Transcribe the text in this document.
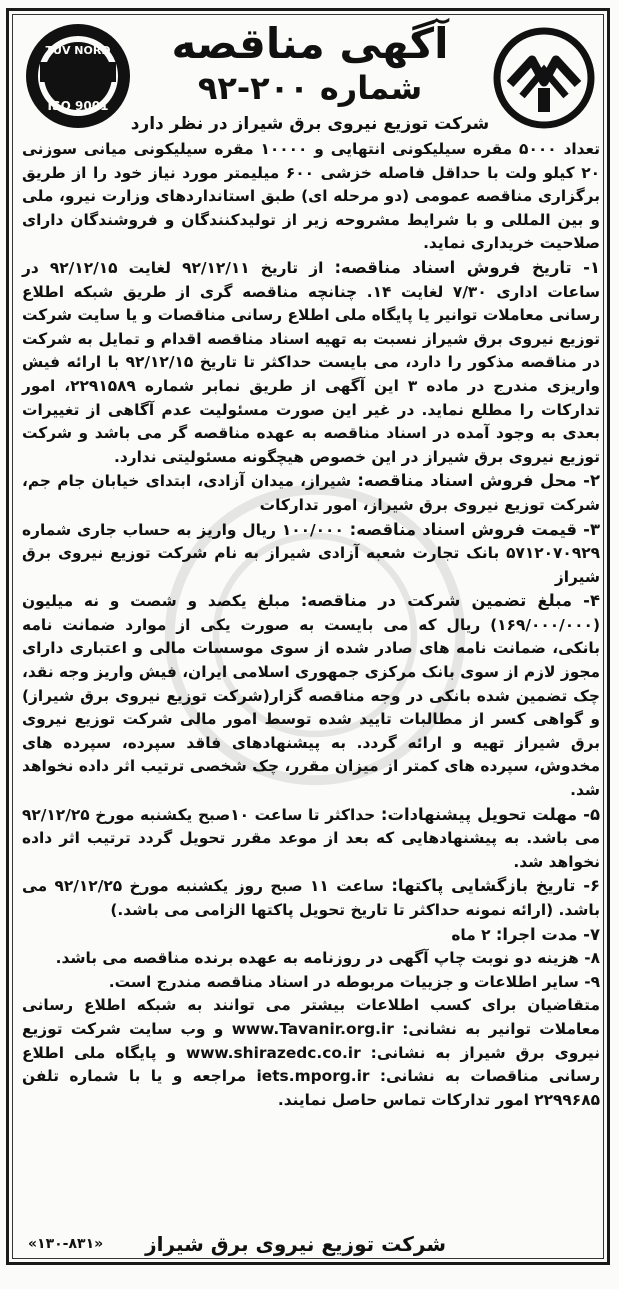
TUV NORD
ISO 9001
آگهی مناقصه
شماره ۲۰۰-۹۲
شرکت توزیع نیروی برق شیراز در نظر دارد

تعداد ۵۰۰۰ مقره سیلیکونی انتهایی و ۱۰۰۰۰ مقره سیلیکونی میانی سوزنی ۲۰ کیلو ولت با حداقل فاصله خزشی ۶۰۰ میلیمتر مورد نیاز خود را از طریق برگزاری مناقصه عمومی (دو مرحله ای) طبق استانداردهای وزارت نیرو، ملی و بین المللی و با شرایط مشروحه زیر از تولیدکنندگان و فروشندگان دارای صلاحیت خریداری نماید.

۱- تاریخ فروش اسناد مناقصه: از تاریخ ۹۲/۱۲/۱۱ لغایت ۹۲/۱۲/۱۵ در ساعات اداری ۷/۳۰ لغایت ۱۴. چنانچه مناقصه گری از طریق شبکه اطلاع رسانی معاملات توانیر یا پایگاه ملی اطلاع رسانی مناقصات و یا سایت شرکت توزیع نیروی برق شیراز نسبت به تهیه اسناد مناقصه اقدام و تمایل به شرکت در مناقصه مذکور را دارد، می بایست حداکثر تا تاریخ ۹۲/۱۲/۱۵ با ارائه فیش واریزی مندرج در ماده ۳ این آگهی از طریق نمابر شماره ۲۲۹۱۵۸۹، امور تدارکات را مطلع نماید. در غیر این صورت مسئولیت عدم آگاهی از تغییرات بعدی به وجود آمده در اسناد مناقصه به عهده مناقصه گر می باشد و شرکت توزیع نیروی برق شیراز در این خصوص هیچگونه مسئولیتی ندارد.

۲- محل فروش اسناد مناقصه: شیراز، میدان آزادی، ابتدای خیابان جام جم، شرکت توزیع نیروی برق شیراز، امور تدارکات

۳- قیمت فروش اسناد مناقصه: ۱۰۰/۰۰۰ ریال واریز به حساب جاری شماره ۵۷۱۲۰۷۰۹۲۹ بانک تجارت شعبه آزادی شیراز به نام شرکت توزیع نیروی برق شیراز

۴- مبلغ تضمین شرکت در مناقصه: مبلغ یکصد و شصت و نه میلیون (۱۶۹/۰۰۰/۰۰۰) ریال که می بایست به صورت یکی از موارد ضمانت نامه بانکی، ضمانت نامه های صادر شده از سوی موسسات مالی و اعتباری دارای مجوز لازم از سوی بانک مرکزی جمهوری اسلامی ایران، فیش واریز وجه نقد، چک تضمین شده بانکی در وجه مناقصه گزار(شرکت توزیع نیروی برق شیراز) و گواهی کسر از مطالبات تایید شده توسط امور مالی شرکت توزیع نیروی برق شیراز تهیه و ارائه گردد. به پیشنهادهای فاقد سپرده، سپرده های مخدوش، سپرده های کمتر از میزان مقرر، چک شخصی ترتیب اثر داده نخواهد شد.

۵- مهلت تحویل پیشنهادات: حداکثر تا ساعت ۱۰صبح یکشنبه مورخ ۹۲/۱۲/۲۵ می باشد. به پیشنهادهایی که بعد از موعد مقرر تحویل گردد ترتیب اثر داده نخواهد شد.

۶- تاریخ بازگشایی پاکتها: ساعت ۱۱ صبح روز یکشنبه مورخ ۹۲/۱۲/۲۵ می باشد. (ارائه نمونه حداکثر تا تاریخ تحویل پاکتها الزامی می باشد.)

۷- مدت اجرا: ۲ ماه

۸- هزینه دو نوبت چاپ آگهی در روزنامه به عهده برنده مناقصه می باشد.

۹- سایر اطلاعات و جزییات مربوطه در اسناد مناقصه مندرج است.

متقاضیان برای کسب اطلاعات بیشتر می توانند به شبکه اطلاع رسانی معاملات توانیر به نشانی: www.Tavanir.org.ir و وب سایت شرکت توزیع نیروی برق شیراز به نشانی: www.shirazedc.co.ir و پایگاه ملی اطلاع رسانی مناقصات به نشانی: iets.mporg.ir مراجعه و یا با شماره تلفن ۲۲۹۹۶۸۵ امور تدارکات تماس حاصل نمایند.

شرکت توزیع نیروی برق شیراز
«۱۳۰-۸۳۱»
